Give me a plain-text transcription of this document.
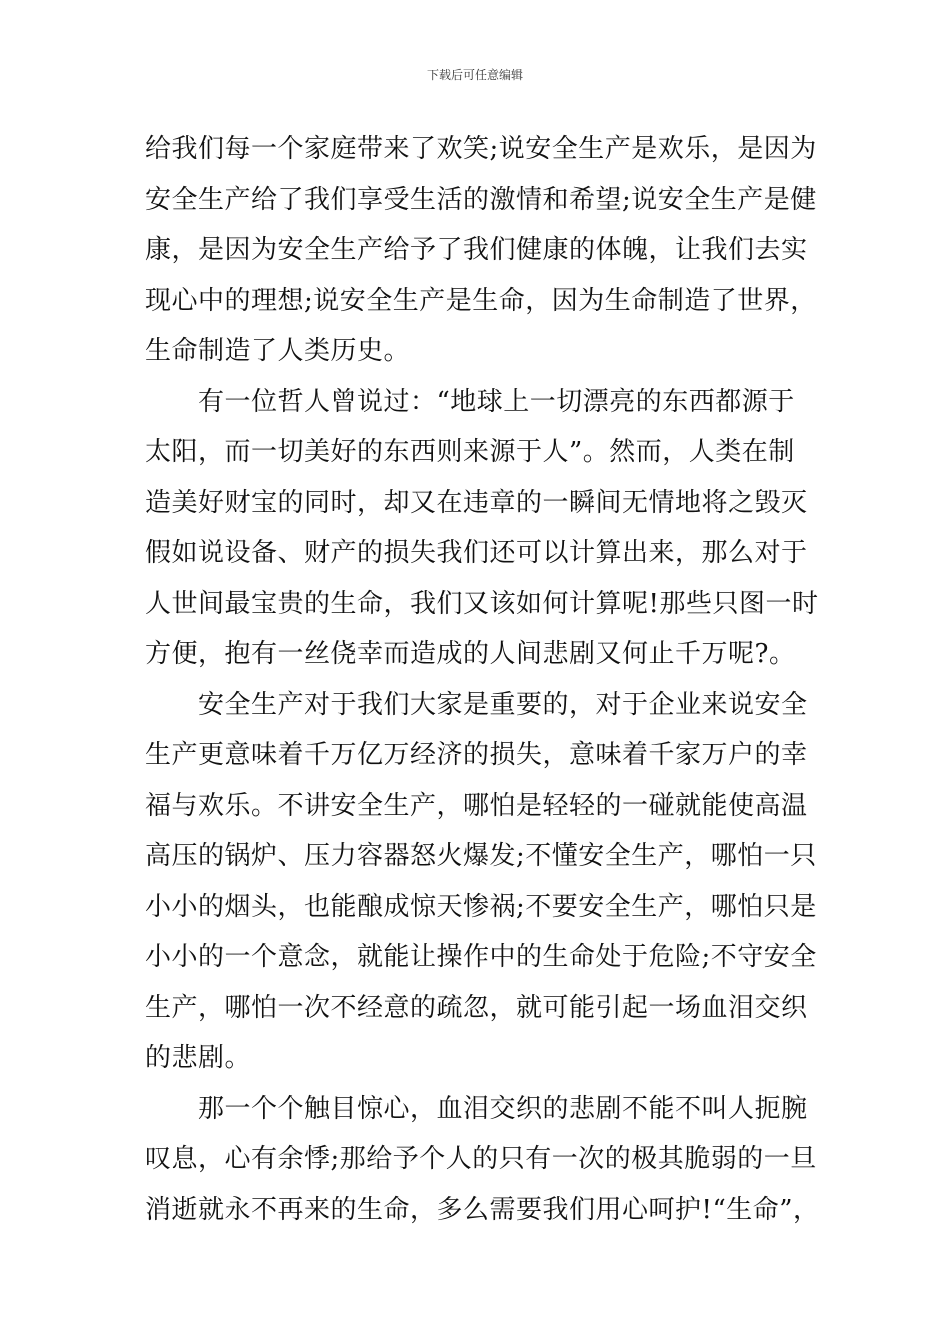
下载后可任意编辑
给我们每一个家庭带来了欢笑;说安全生产是欢乐，是因为
安全生产给了我们享受生活的激情和希望;说安全生产是健
康，是因为安全生产给予了我们健康的体魄，让我们去实
现心中的理想;说安全生产是生命，因为生命制造了世界，
生命制造了人类历史。
有一位哲人曾说过：“地球上一切漂亮的东西都源于
太阳，而一切美好的东西则来源于人”。然而，人类在制
造美好财宝的同时，却又在违章的一瞬间无情地将之毁灭
假如说设备、财产的损失我们还可以计算出来，那么对于
人世间最宝贵的生命，我们又该如何计算呢!那些只图一时
方便，抱有一丝侥幸而造成的人间悲剧又何止千万呢?。
安全生产对于我们大家是重要的，对于企业来说安全
生产更意味着千万亿万经济的损失，意味着千家万户的幸
福与欢乐。不讲安全生产，哪怕是轻轻的一碰就能使高温
高压的锅炉、压力容器怒火爆发;不懂安全生产，哪怕一只
小小的烟头，也能酿成惊天惨祸;不要安全生产，哪怕只是
小小的一个意念，就能让操作中的生命处于危险;不守安全
生产，哪怕一次不经意的疏忽，就可能引起一场血泪交织
的悲剧。
那一个个触目惊心，血泪交织的悲剧不能不叫人扼腕
叹息，心有余悸;那给予个人的只有一次的极其脆弱的一旦
消逝就永不再来的生命，多么需要我们用心呵护!“生命”，
